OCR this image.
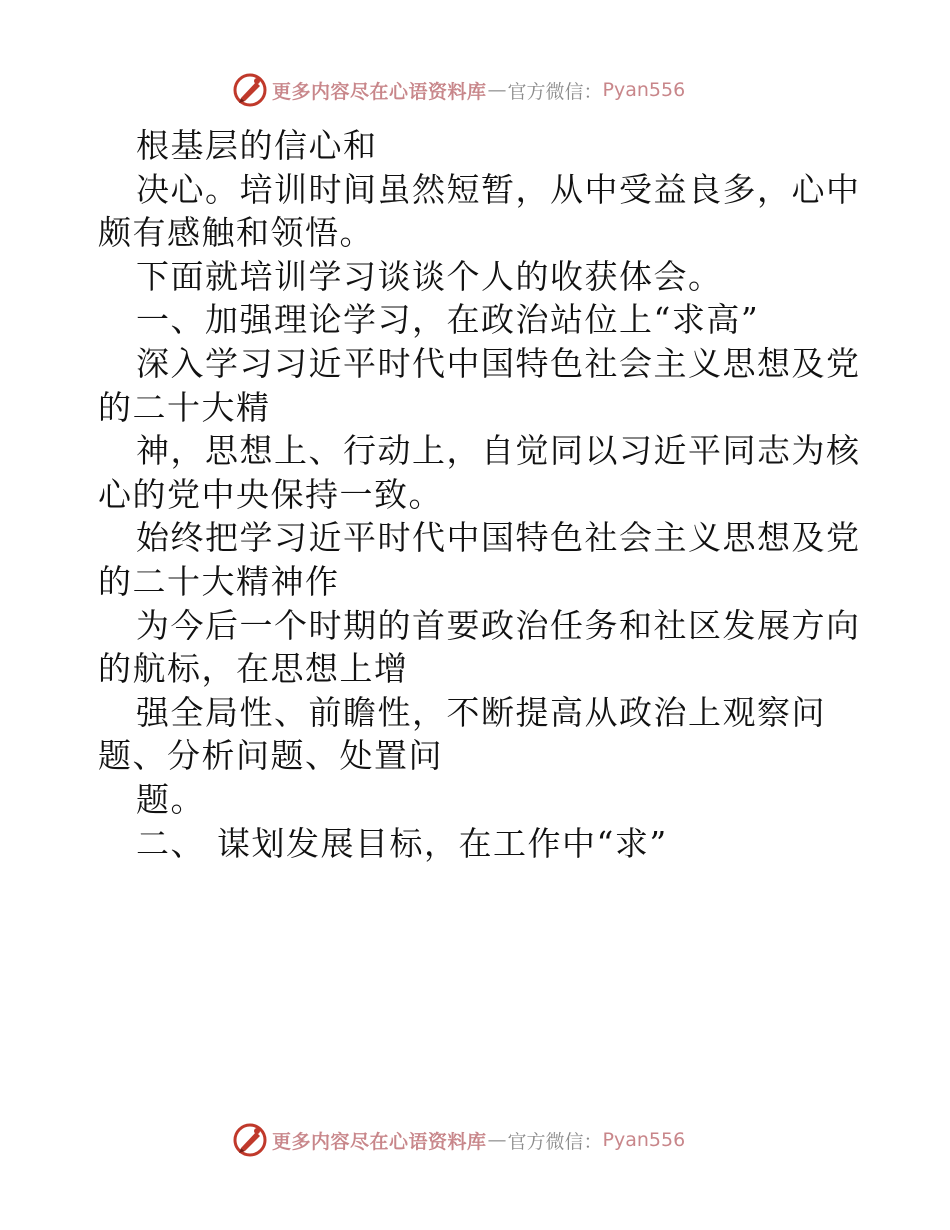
更多内容尽在心语资料库 — 官方微信： Pyan556
根基层的信心和
决心。培训时间虽然短暂，从中受益良多，心中
颇有感触和领悟。
下面就培训学习谈谈个人的收获体会。
一、加强理论学习，在政治站位上“求高”
深入学习习近平时代中国特色社会主义思想及党
的二十大精
神，思想上、行动上，自觉同以习近平同志为核
心的党中央保持一致。
始终把学习近平时代中国特色社会主义思想及党
的二十大精神作
为今后一个时期的首要政治任务和社区发展方向
的航标，在思想上增
强全局性、前瞻性，不断提高从政治上观察问
题、分析问题、处置问
题。
二、 谋划发展目标，在工作中“求”
更多内容尽在心语资料库 — 官方微信： Pyan556
